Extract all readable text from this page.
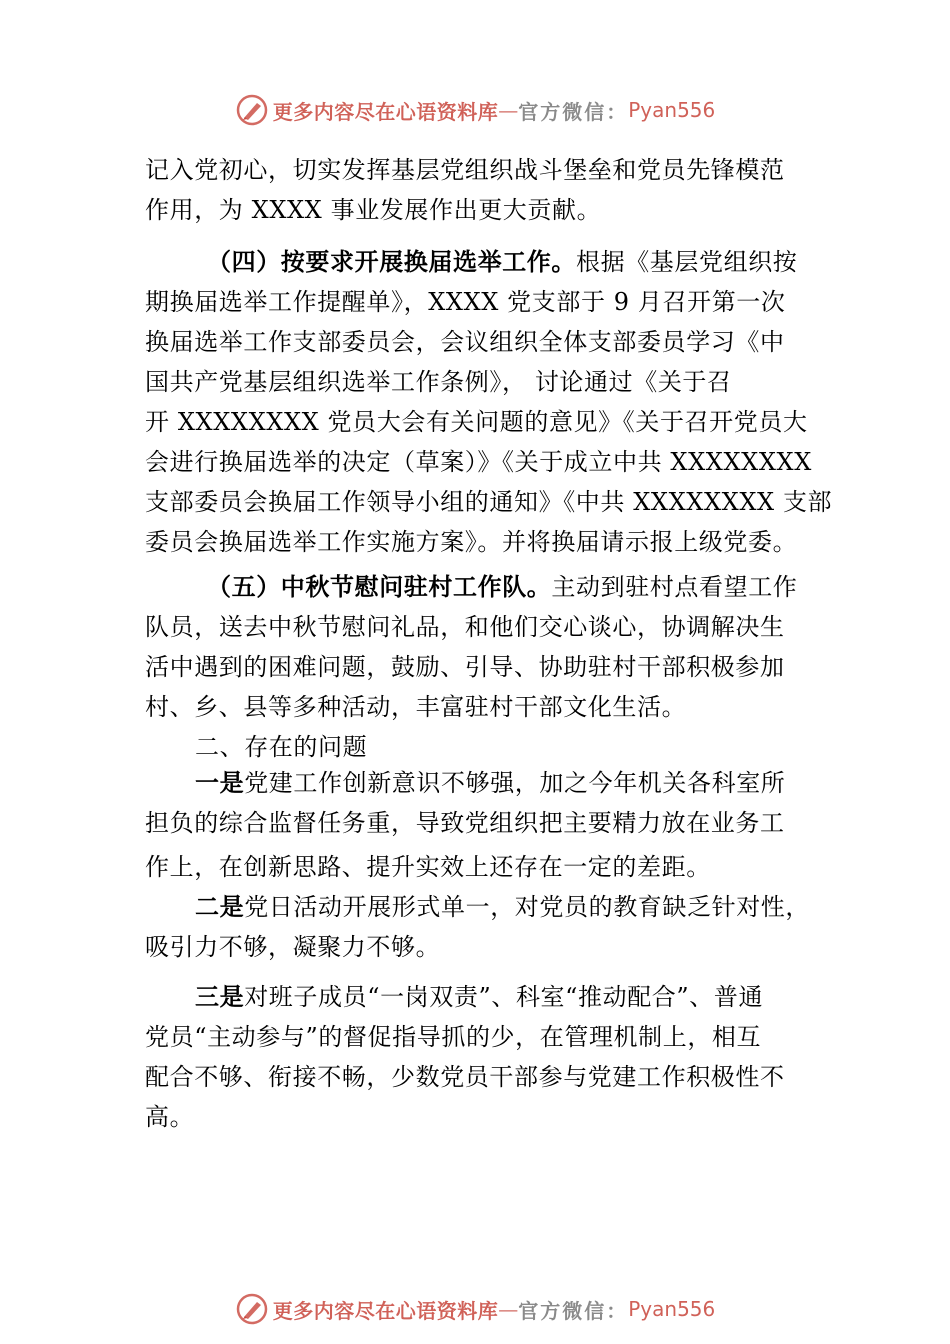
更多内容尽在心语资料库 — 官方微信： Pyan556
记入党初心，切实发挥基层党组织战斗堡垒和党员先锋模范
作用，为 XXXX 事业发展作出更大贡献。
（四）按要求开展换届选举工作。根据《基层党组织按
期换届选举工作提醒单》，XXXX 党支部于 9 月召开第一次
换届选举工作支部委员会，会议组织全体支部委员学习《中
国共产党基层组织选举工作条例》， 讨论通过《关于召
开 XXXXXXXX 党员大会有关问题的意见》《关于召开党员大
会进行换届选举的决定（草案）》《关于成立中共 XXXXXXXX
支部委员会换届工作领导小组的通知》《中共 XXXXXXXX 支部
委员会换届选举工作实施方案》。并将换届请示报上级党委。
（五）中秋节慰问驻村工作队。主动到驻村点看望工作
队员，送去中秋节慰问礼品，和他们交心谈心，协调解决生
活中遇到的困难问题，鼓励、引导、协助驻村干部积极参加
村、乡、县等多种活动，丰富驻村干部文化生活。
二、存在的问题
一是党建工作创新意识不够强，加之今年机关各科室所
担负的综合监督任务重，导致党组织把主要精力放在业务工
作上，在创新思路、提升实效上还存在一定的差距。
二是党日活动开展形式单一，对党员的教育缺乏针对性，
吸引力不够，凝聚力不够。
三是对班子成员“一岗双责”、科室“推动配合”、普通
党员“主动参与”的督促指导抓的少，在管理机制上，相互
配合不够、衔接不畅，少数党员干部参与党建工作积极性不
高。
更多内容尽在心语资料库 — 官方微信： Pyan556
